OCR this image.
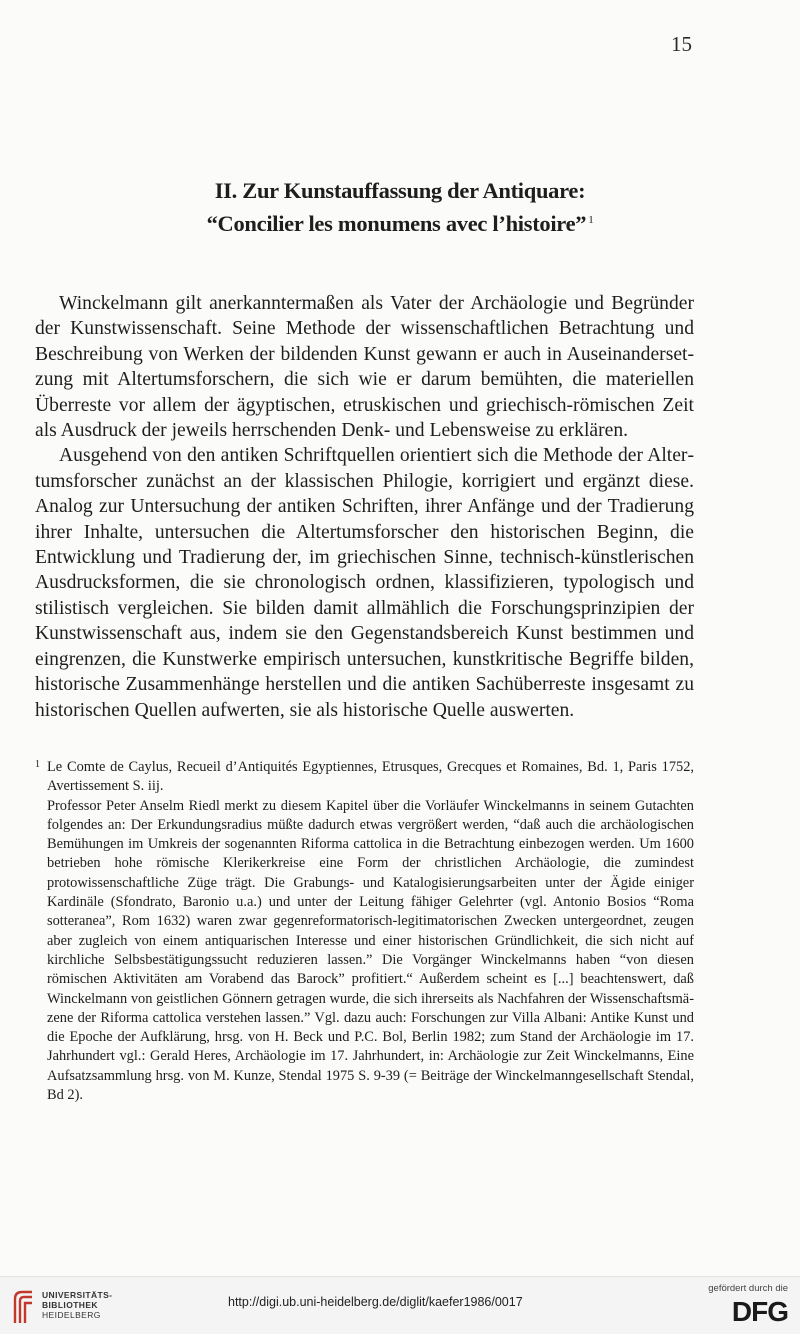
15
II. Zur Kunstauffassung der Antiquare:
“Concilier les monumens avec l’histoire” $^1$

Winckelmann gilt anerkanntermaßen als Vater der Archäologie und Begründer der Kunstwissenschaft. Seine Methode der wissenschaftlichen Betrachtung und Beschreibung von Werken der bildenden Kunst gewann er auch in Auseinandersetzung mit Altertumsforschern, die sich wie er darum bemühten, die materiellen Überreste vor allem der ägyptischen, etruskischen und griechisch-römischen Zeit als Ausdruck der jeweils herrschenden Denk- und Lebensweise zu erklären.

Ausgehend von den antiken Schriftquellen orientiert sich die Methode der Altertumsforscher zunächst an der klassischen Philogie, korrigiert und ergänzt diese. Analog zur Untersuchung der antiken Schriften, ihrer Anfänge und der Tradierung ihrer Inhalte, untersuchen die Altertumsforscher den historischen Beginn, die Entwicklung und Tradierung der, im griechischen Sinne, technisch-künstlerischen Ausdrucksformen, die sie chronologisch ordnen, klassifizieren, typologisch und stilistisch vergleichen. Sie bilden damit allmählich die Forschungsprinzipien der Kunstwissenschaft aus, indem sie den Gegenstandsbereich Kunst bestimmen und eingrenzen, die Kunstwerke empirisch untersuchen, kunstkritische Begriffe bilden, historische Zusammenhänge herstellen und die antiken Sachüberreste insgesamt zu historischen Quellen aufwerten, sie als historische Quelle auswerten.

1 Le Comte de Caylus, Recueil d’Antiquités Egyptiennes, Etrusques, Grecques et Romaines, Bd. 1, Paris 1752, Avertissement S. iij.

Professor Peter Anselm Riedl merkt zu diesem Kapitel über die Vorläufer Winckelmanns in seinem Gutachten folgendes an: Der Erkundungsradius müßte dadurch etwas vergrößert werden, “daß auch die archäologischen Bemühungen im Umkreis der sogenannten Riforma cattolica in die Betrachtung einbezogen werden. Um 1600 betrieben hohe römische Klerikerkreise eine Form der christlichen Archäologie, die zumindest protowissenschaftliche Züge trägt. Die Grabungs- und Katalogisierungsarbeiten unter der Ägide einiger Kardinäle (Sfondrato, Baronio u.a.) und unter der Leitung fähiger Gelehrter (vgl. Antonio Bosios “Roma sotteranea”, Rom 1632) waren zwar gegenreformatorisch-legitimatorischen Zwecken untergeordnet, zeugen aber zugleich von einem antiquarischen Interesse und einer historischen Gründlichkeit, die sich nicht auf kirchliche Selbsbestätigungssucht reduzieren lassen.” Die Vorgänger Winckelmanns haben “von diesen römischen Aktivitäten am Vorabend das Barock” profitiert.“ Außerdem scheint es [...] beachtenswert, daß Winckelmann von geistlichen Gönnern getragen wurde, die sich ihrerseits als Nachfahren der Wissenschaftsmäzene der Riforma cattolica verstehen lassen.” Vgl. dazu auch: Forschungen zur Villa Albani: Antike Kunst und die Epoche der Aufklärung, hrsg. von H. Beck und P.C. Bol, Berlin 1982; zum Stand der Archäologie im 17. Jahrhundert vgl.: Gerald Heres, Archäologie im 17. Jahrhundert, in: Archäologie zur Zeit Winckelmanns, Eine Aufsatzsammlung hrsg. von M. Kunze, Stendal 1975 S. 9-39 (= Beiträge der Winckelmanngesellschaft Stendal, Bd 2).

UNIVERSITÄTS-
BIBLIOTHEK
HEIDELBERG
http://digi.ub.uni-heidelberg.de/diglit/kaefer1986/0017
gefördert durch die
DFG
